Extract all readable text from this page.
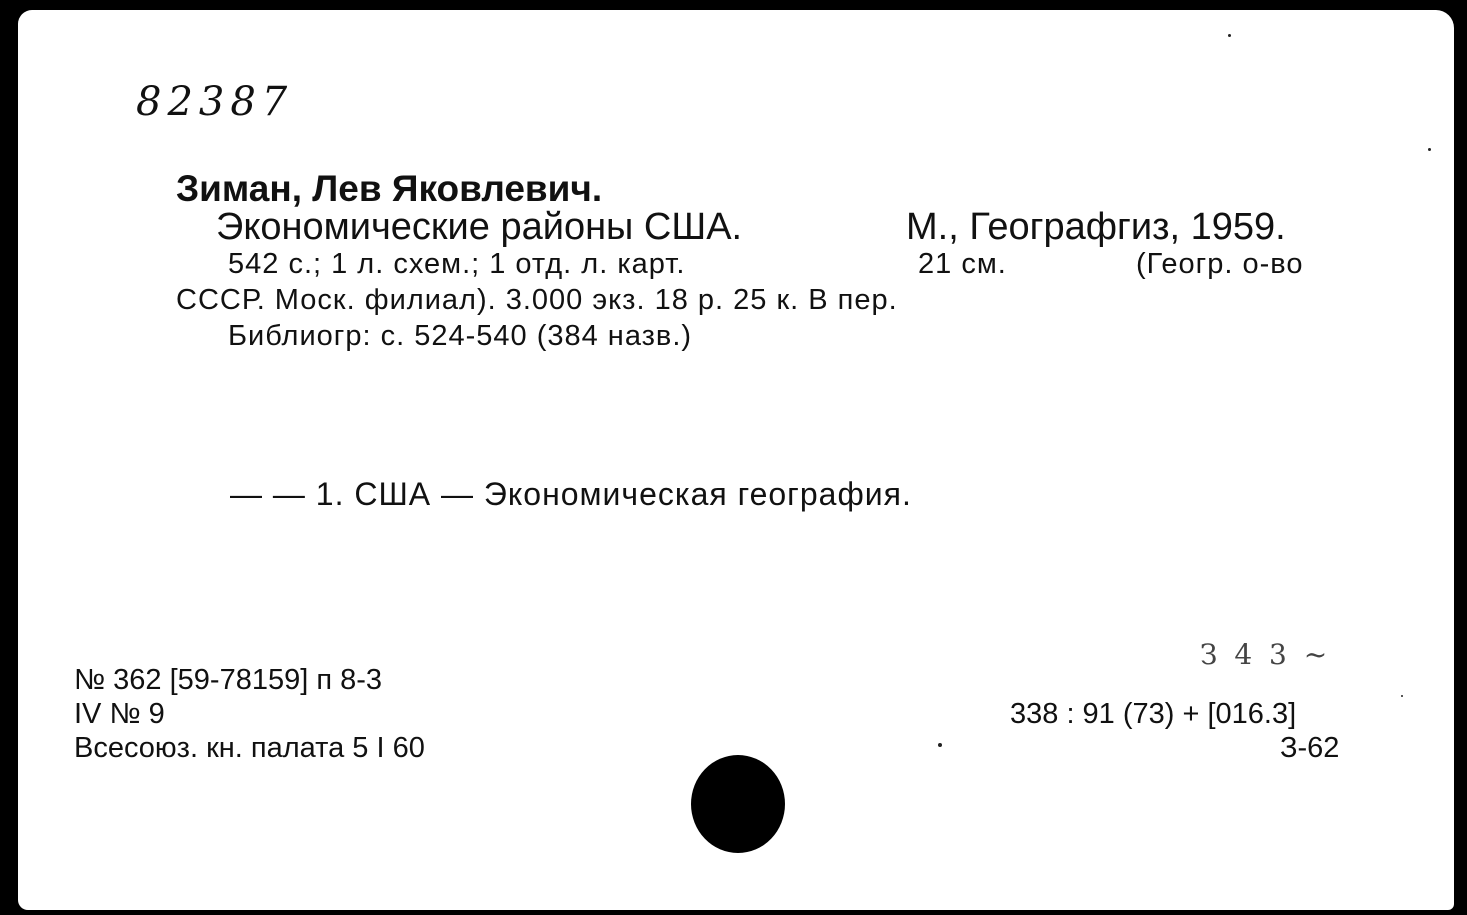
82387
Зиман, Лев Яковлевич.
Экономические районы США.	М., Географгиз, 1959.
542 с.; 1 л. схем.; 1 отд. л. карт.	21 см.	(Геогр. о-во
СССР. Моск. филиал). 3.000 экз. 18 р. 25 к. В пер.
Библиогр: с. 524-540 (384 назв.)
— — 1. США — Экономическая география.
№ 362 [59-78159] п 8-3
IV № 9
Всесоюз. кн. палата 5 I 60
338 : 91 (73) + [016.3]
З-62
З 4 3 ~
